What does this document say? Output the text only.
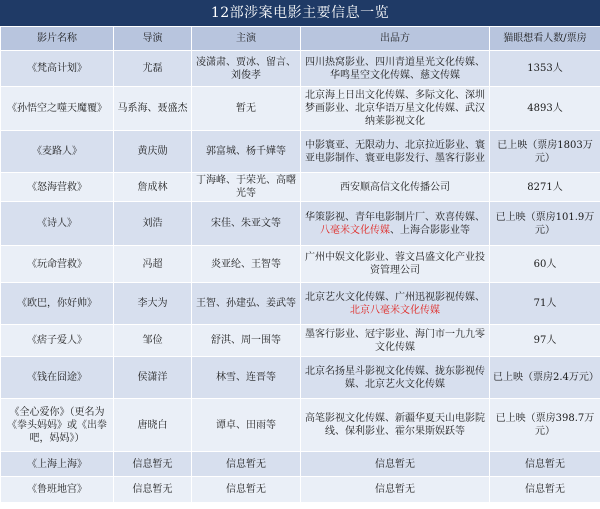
12部涉案电影主要信息一览
影片名称	导演	主演	出品方	猫眼想看人数/票房
《梵高计划》	尤磊	凌潇肃、贾冰、留言、刘俊孝	四川热窝影业、四川青道星光文化传媒、华鸣星空文化传媒、慈文传媒	1353人
《孙悟空之噬天魔覆》	马系海、聂盛杰	暂无	北京海上日出文化传媒、多际文化、深圳梦画影业、北京华语万星文化传媒、武汉纳莱影视文化	4893人
《麦路人》	黄庆勋	郭富城、杨千嬅等	中影寰亚、无限动力、北京拉近影业、寰亚电影制作、寰亚电影发行、墨客行影业	已上映（票房1803万元）
《怒海营救》	詹成林	丁海峰、于荣光、高曙光等	西安顺高信文化传播公司	8271人
《诗人》	刘浩	宋佳、朱亚文等	华策影视、青年电影制片厂、欢喜传媒、八毫米文化传媒、上海合影影业等	已上映（票房101.9万元）
《玩命营救》	冯超	炎亚纶、王智等	广州中娱文化影业、蓉文昌盛文化产业投资管理公司	60人
《欧巴，你好帅》	李大为	王智、孙建弘、姜武等	北京艺火文化传媒、广州迅视影视传媒、北京八毫米文化传媒	71人
《痞子爱人》	邹俭	舒淇、周一围等	墨客行影业、冠宇影业、海门市一九九零文化传媒	97人
《钱在囧途》	侯潇洋	林雪、连晋等	北京名扬星斗影视文化传媒、拢东影视传媒、北京艺火文化传媒	已上映（票房2.4万元）
《全心爱你》（更名为《拳头妈妈》或《出拳吧，妈妈》）	唐晓白	谭卓、田雨等	高笔影视文化传媒、新疆华夏天山电影院线、保利影业、霍尔果斯娱跃等	已上映（票房398.7万元）
《上海上海》	信息暂无	信息暂无	信息暂无	信息暂无
《鲁班地宫》	信息暂无	信息暂无	信息暂无	信息暂无
